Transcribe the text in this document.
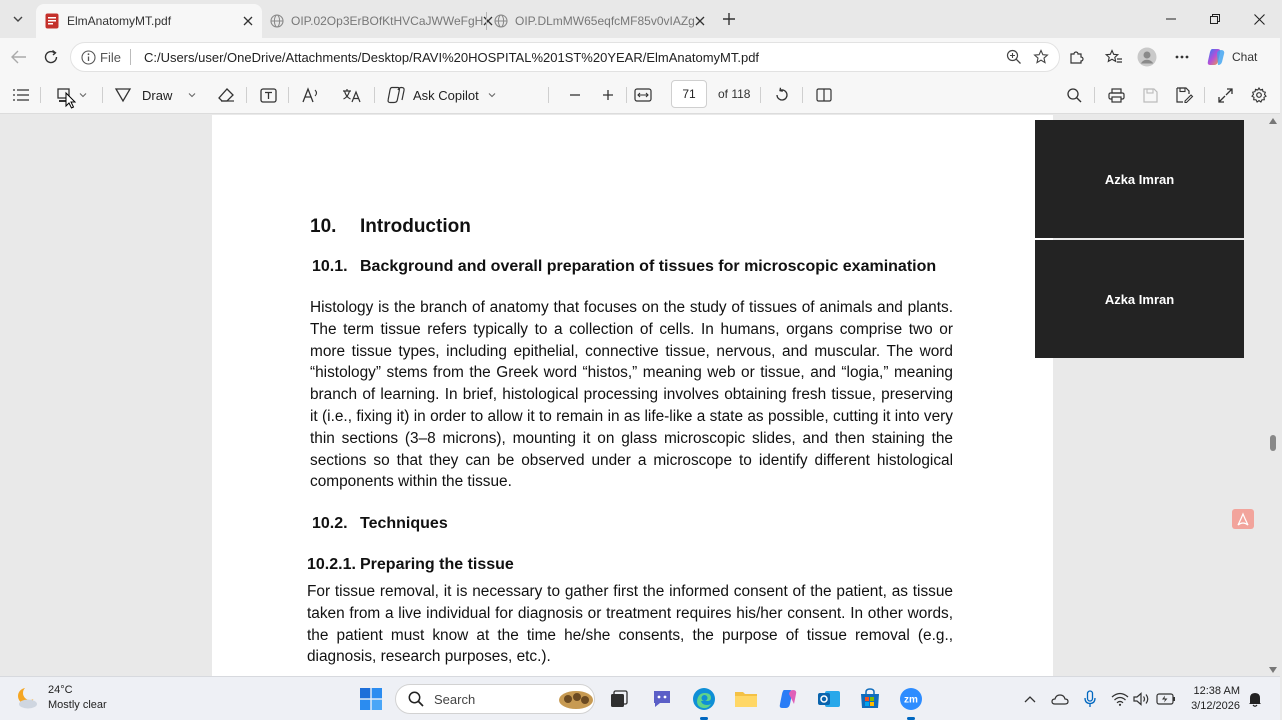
ElmAnatomyMT.pdf	OIP.02Op3ErBOfKtHVCaJWWeFgH	OIP.DLmMW65eqfcMF85v0vIAZg
File C:/Users/user/OneDrive/Attachments/Desktop/RAVI%20HOSPITAL%201ST%20YEAR/ElmAnatomyMT.pdf	Chat
Draw	Ask Copilot	71	of 118
10. Introduction
10.1. Background and overall preparation of tissues for microscopic examination
Histology is the branch of anatomy that focuses on the study of tissues of animals and plants. The term tissue refers typically to a collection of cells. In humans, organs comprise two or more tissue types, including epithelial, connective tissue, nervous, and muscular. The word “histology” stems from the Greek word “histos,” meaning web or tissue, and “logia,” meaning branch of learning. In brief, histological processing involves obtaining fresh tissue, preserving it (i.e., fixing it) in order to allow it to remain in as life-like a state as possible, cutting it into very thin sections (3–8 microns), mounting it on glass microscopic slides, and then staining the sections so that they can be observed under a microscope to identify different histological components within the tissue.
10.2. Techniques
10.2.1. Preparing the tissue
For tissue removal, it is necessary to gather first the informed consent of the patient, as tissue taken from a live individual for diagnosis or treatment requires his/her consent. In other words, the patient must know at the time he/she consents, the purpose of tissue removal (e.g., diagnosis, research purposes, etc.).
Azka Imran
Azka Imran
24°C
Mostly clear	Search	zm
12:38 AM
3/12/2026
